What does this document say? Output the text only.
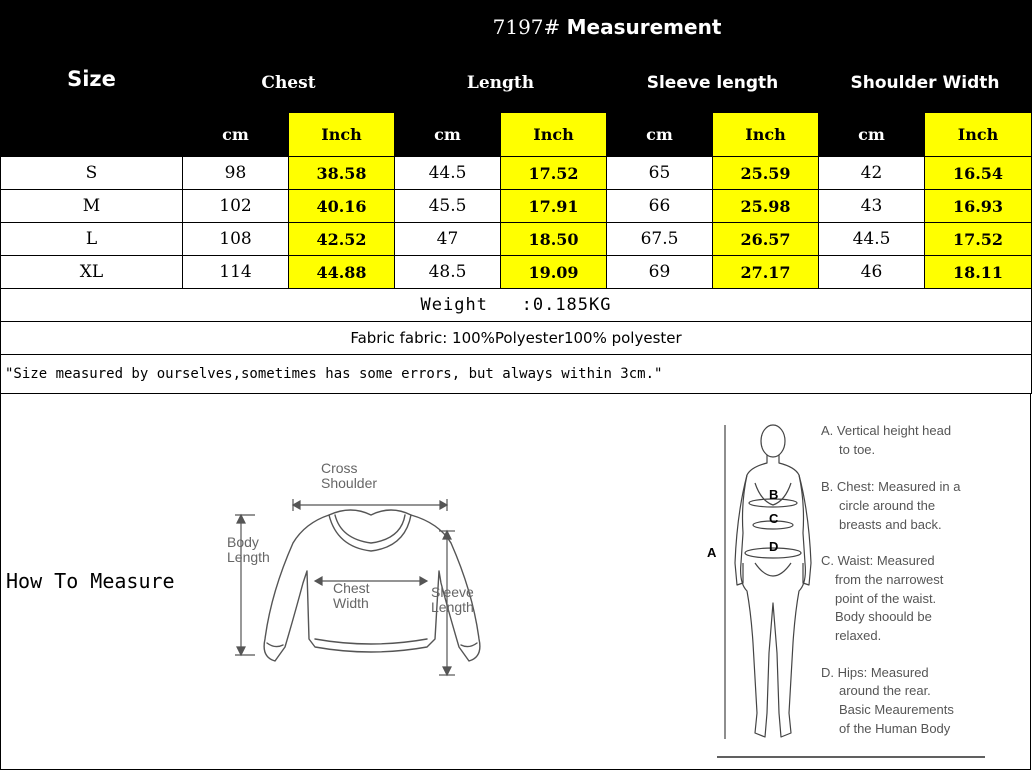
Size	7197# Measurement							
	Chest		Length		Sleeve length		Shoulder Width	
	cm	Inch	cm	Inch	cm	Inch	cm	Inch
S	98	38.58	44.5	17.52	65	25.59	42	16.54
M	102	40.16	45.5	17.91	66	25.98	43	16.93
L	108	42.52	47	18.50	67.5	26.57	44.5	17.52
XL	114	44.88	48.5	19.09	69	27.17	46	18.11
Weight   :0.185KG								
Fabric fabric: 100%Polyester100% polyester								
"Size measured by ourselves,sometimes has some errors, but always within 3cm."								
How To Measure
Cross
Shoulder
Body
Length
Chest
Width
Sleeve
Length
A
B
C
D
A. Vertical height head
to toe.
B. Chest: Measured in a
circle around the
breasts and back.
C. Waist: Measured
from the narrowest
point of the waist.
Body shoould be
relaxed.
D. Hips: Measured
around the rear.
Basic Meaurements
of the Human Body
